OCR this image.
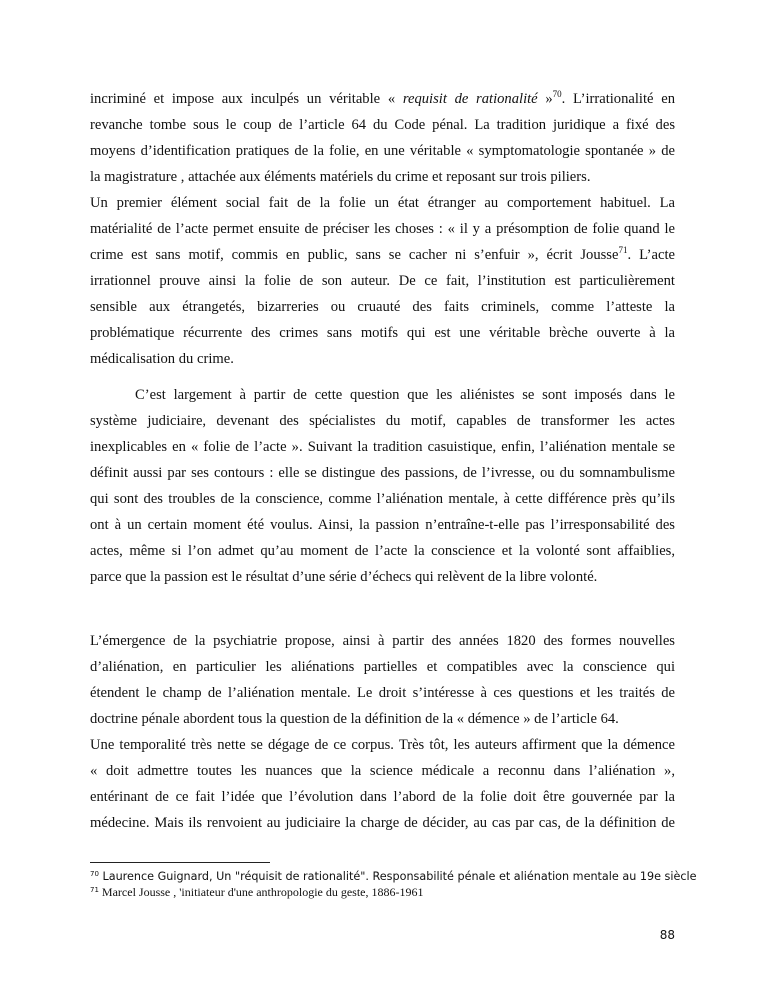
incriminé et impose aux inculpés un véritable « requisit de rationalité »$^{70}$. L’irrationalité en
revanche tombe sous le coup de l’article 64 du Code pénal. La tradition juridique a fixé des
moyens d’identification pratiques de la folie, en une véritable « symptomatologie spontanée » de
la magistrature , attachée aux éléments matériels du crime et reposant sur trois piliers.
Un premier élément social fait de la folie un état étranger au comportement habituel. La
matérialité de l’acte permet ensuite de préciser les choses : « il y a présomption de folie quand le
crime est sans motif, commis en public, sans se cacher ni s’enfuir », écrit Jousse$^{71}$. L’acte
irrationnel prouve ainsi la folie de son auteur. De ce fait, l’institution est particulièrement
sensible aux étrangetés, bizarreries ou cruauté des faits criminels, comme l’atteste la
problématique récurrente des crimes sans motifs qui est une véritable brèche ouverte à la
médicalisation du crime.
C’est largement à partir de cette question que les aliénistes se sont imposés dans le
système judiciaire, devenant des spécialistes du motif, capables de transformer les actes
inexplicables en « folie de l’acte ». Suivant la tradition casuistique, enfin, l’aliénation mentale se
définit aussi par ses contours : elle se distingue des passions, de l’ivresse, ou du somnambulisme
qui sont des troubles de la conscience, comme l’aliénation mentale, à cette différence près qu’ils
ont à un certain moment été voulus. Ainsi, la passion n’entraîne-t-elle pas l’irresponsabilité des
actes, même si l’on admet qu’au moment de l’acte la conscience et la volonté sont affaiblies,
parce que la passion est le résultat d’une série d’échecs qui relèvent de la libre volonté.
L’émergence de la psychiatrie propose, ainsi à partir des années 1820 des formes nouvelles
d’aliénation, en particulier les aliénations partielles et compatibles avec la conscience qui
étendent le champ de l’aliénation mentale. Le droit s’intéresse à ces questions et les traités de
doctrine pénale abordent tous la question de la définition de la « démence » de l’article 64.
Une temporalité très nette se dégage de ce corpus. Très tôt, les auteurs affirment que la démence
« doit admettre toutes les nuances que la science médicale a reconnu dans l’aliénation »,
entérinant de ce fait l’idée que l’évolution dans l’abord de la folie doit être gouvernée par la
médecine. Mais ils renvoient au judiciaire la charge de décider, au cas par cas, de la définition de
$^{70}$ Laurence Guignard, Un "réquisit de rationalité". Responsabilité pénale et aliénation mentale au 19e siècle
$^{71}$ Marcel Jousse , 'initiateur d'une anthropologie du geste, 1886-1961
88
